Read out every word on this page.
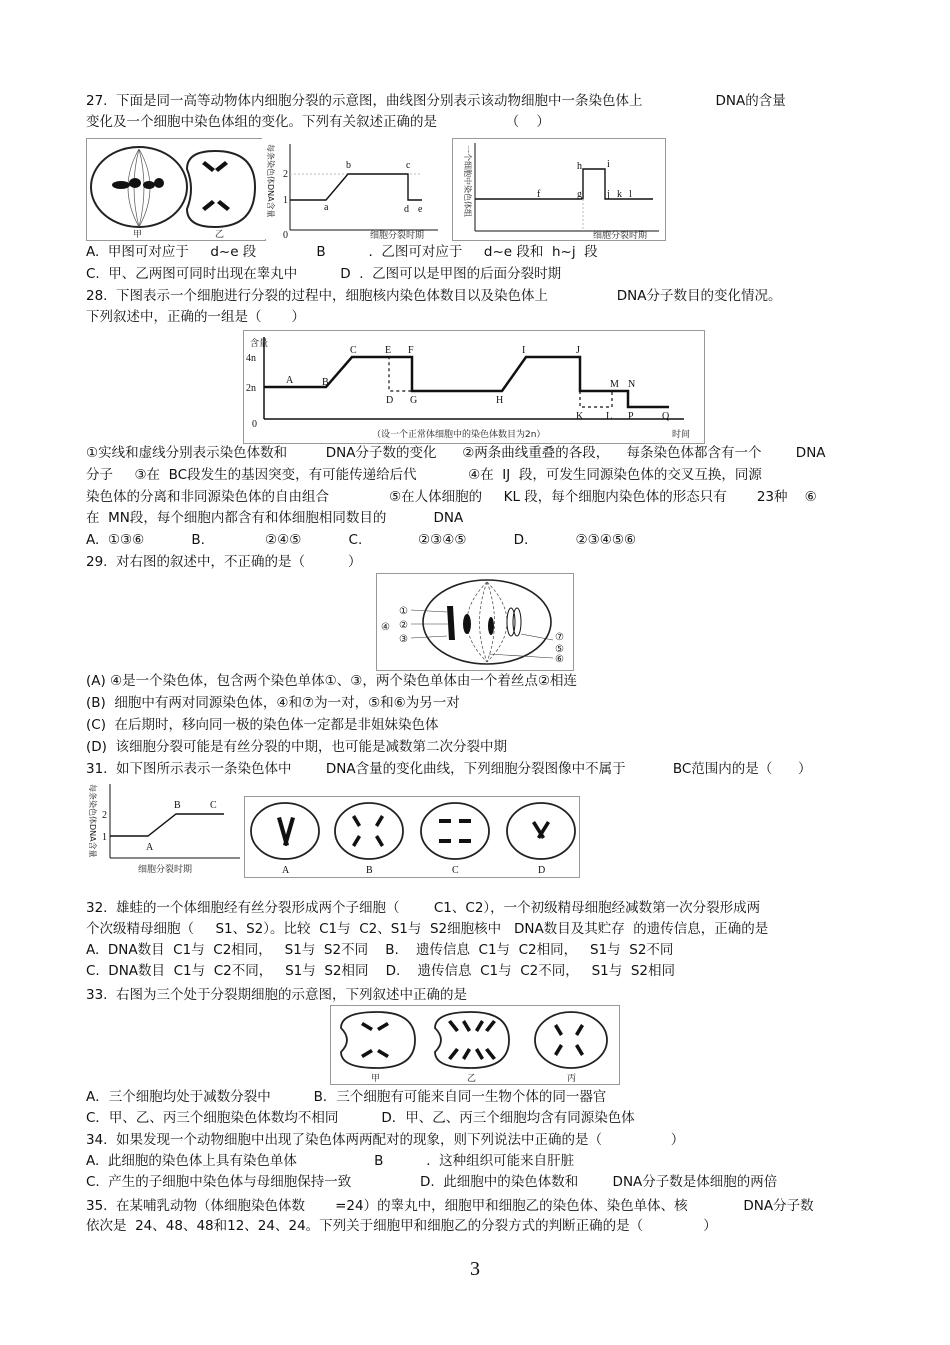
27.  下面是同一高等动物体内细胞分裂的示意图，曲线图分别表示该动物细胞中一条染色体上                 DNA的含量
变化及一个细胞中染色体组的变化。下列有关叙述正确的是                （    ）
甲	乙
每条染色体DNA含量 2
1
0
a
b	c
d e
细胞分裂时期
一个细胞中染色体组	f	g
h	i
j k l
细胞分裂时期
A.  甲图可对应于     d~e 段              B          .  乙图可对应于     d~e 段和  h~j  段
C.  甲、乙两图可同时出现在睾丸中          D  .  乙图可以是甲图的后面分裂时期
28.  下图表示一个细胞进行分裂的过程中，细胞核内染色体数目以及染色体上                DNA分子数目的变化情况。
下列叙述中，正确的一组是（       ）
含量
4n
2n
0
A	B
C
D
E F
G	H
I	J
K L
M N
P	Q
（设一个正常体细胞中的染色体数目为2n）	时间
①实线和虚线分别表示染色体数和         DNA分子数的变化      ②两条曲线重叠的各段，    每条染色体都含有一个        DNA
分子     ③在  BC段发生的基因突变，有可能传递给后代            ④在  IJ  段，可发生同源染色体的交叉互换，同源
染色体的分离和非同源染色体的自由组合              ⑤在人体细胞的     KL 段，每个细胞内染色体的形态只有       23种    ⑥
在  MN段，每个细胞内都含有和体细胞相同数目的           DNA
A.  ①③⑥           B.              ②④⑤           C.             ②③④⑤           D.           ②③④⑤⑥
29.  对右图的叙述中，不正确的是（          ）
①
②
③
④
⑤
⑥
⑦
(A) ④是一个染色体，包含两个染色单体①、③，两个染色单体由一个着丝点②相连
(B)  细胞中有两对同源染色体，④和⑦为一对，⑤和⑥为另一对
(C)  在后期时，移向同一极的染色体一定都是非姐妹染色体
(D)  该细胞分裂可能是有丝分裂的中期，也可能是减数第二次分裂中期
31.  如下图所示表示一条染色体中        DNA含量的变化曲线，下列细胞分裂图像中不属于           BC范围内的是（      ）
每条染色体DNA含量 2
1
A
B	C
细胞分裂时期	A	B	C	D
32.  雄蛙的一个体细胞经有丝分裂形成两个子细胞（        C1、C2），一个初级精母细胞经减数第一次分裂形成两
个次级精母细胞（     S1、S2）。比较  C1与  C2、S1与  S2细胞核中   DNA数目及其贮存  的遗传信息，正确的是
A.  DNA数目  C1与  C2相同，   S1与  S2不同    B.    遗传信息  C1与  C2相同，   S1与  S2不同
C.  DNA数目  C1与  C2不同，   S1与  S2相同    D.    遗传信息  C1与  C2不同，   S1与  S2相同
33.  右图为三个处于分裂期细胞的示意图，下列叙述中正确的是
甲	乙	丙
A．三个细胞均处于减数分裂中          B．三个细胞有可能来自同一生物个体的同一器官
C．甲、乙、丙三个细胞染色体数均不相同          D．甲、乙、丙三个细胞均含有同源染色体
34.  如果发现一个动物细胞中出现了染色体两两配对的现象，则下列说法中正确的是（                ）
A.  此细胞的染色体上具有染色单体                  B          .  这种组织可能来自肝脏
C.  产生的子细胞中染色体与母细胞保持一致                D.  此细胞中的染色体数和        DNA分子数是体细胞的两倍
35.  在某哺乳动物（体细胞染色体数       =24）的睾丸中，细胞甲和细胞乙的染色体、染色单体、核             DNA分子数
依次是  24、48、48和12、24、24。下列关于细胞甲和细胞乙的分裂方式的判断正确的是（              ）
3
